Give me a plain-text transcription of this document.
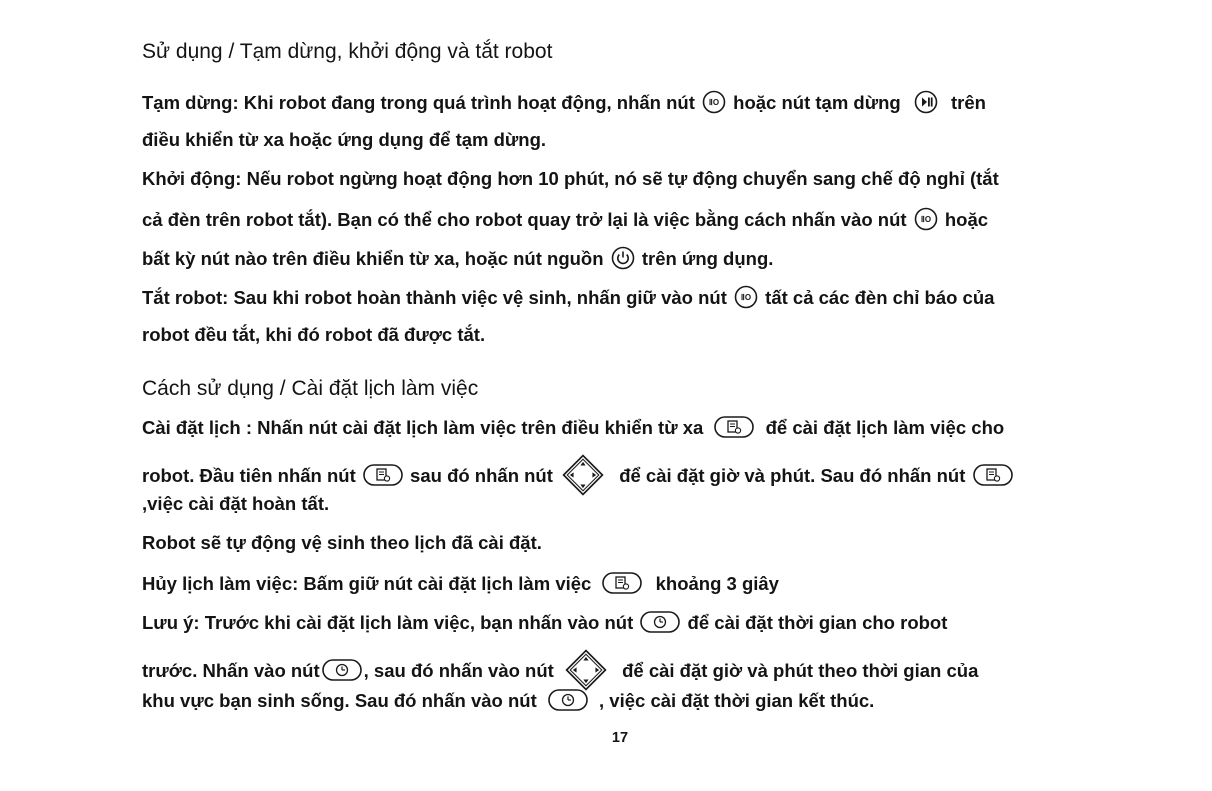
Sử dụng / Tạm dừng, khởi động và tắt robot

Tạm dừng: Khi robot đang trong quá trình hoạt động, nhấn nút hoặc nút tạm dừng	trên

điều khiển từ xa hoặc ứng dụng để tạm dừng.

Khởi động: Nếu robot ngừng hoạt động hơn 10 phút, nó sẽ tự động chuyển sang chế độ nghỉ (tắt

cả đèn trên robot tắt). Bạn có thể cho robot quay trở lại là việc bằng cách nhấn vào nút hoặc

bất kỳ nút nào trên điều khiển từ xa, hoặc nút nguồn trên ứng dụng.

Tắt robot: Sau khi robot hoàn thành việc vệ sinh, nhấn giữ vào nút tất cả các đèn chỉ báo của

robot đều tắt, khi đó robot đã được tắt.

Cách sử dụng / Cài đặt lịch làm việc

Cài đặt lịch : Nhấn nút cài đặt lịch làm việc trên điều khiển từ xa	để cài đặt lịch làm việc cho

robot. Đầu tiên nhấn nút	sau đó nhấn nút	để cài đặt giờ và phút. Sau đó nhấn nút

,việc cài đặt hoàn tất.

Robot sẽ tự động vệ sinh theo lịch đã cài đặt.

Hủy lịch làm việc: Bấm giữ nút cài đặt lịch làm việc	khoảng 3 giây

Lưu ý: Trước khi cài đặt lịch làm việc, bạn nhấn vào nút	để cài đặt thời gian cho robot

trước. Nhấn vào nút , sau đó nhấn vào nút	để cài đặt giờ và phút theo thời gian của

khu vực bạn sinh sống. Sau đó nhấn vào nút	, việc cài đặt thời gian kết thúc.

17
